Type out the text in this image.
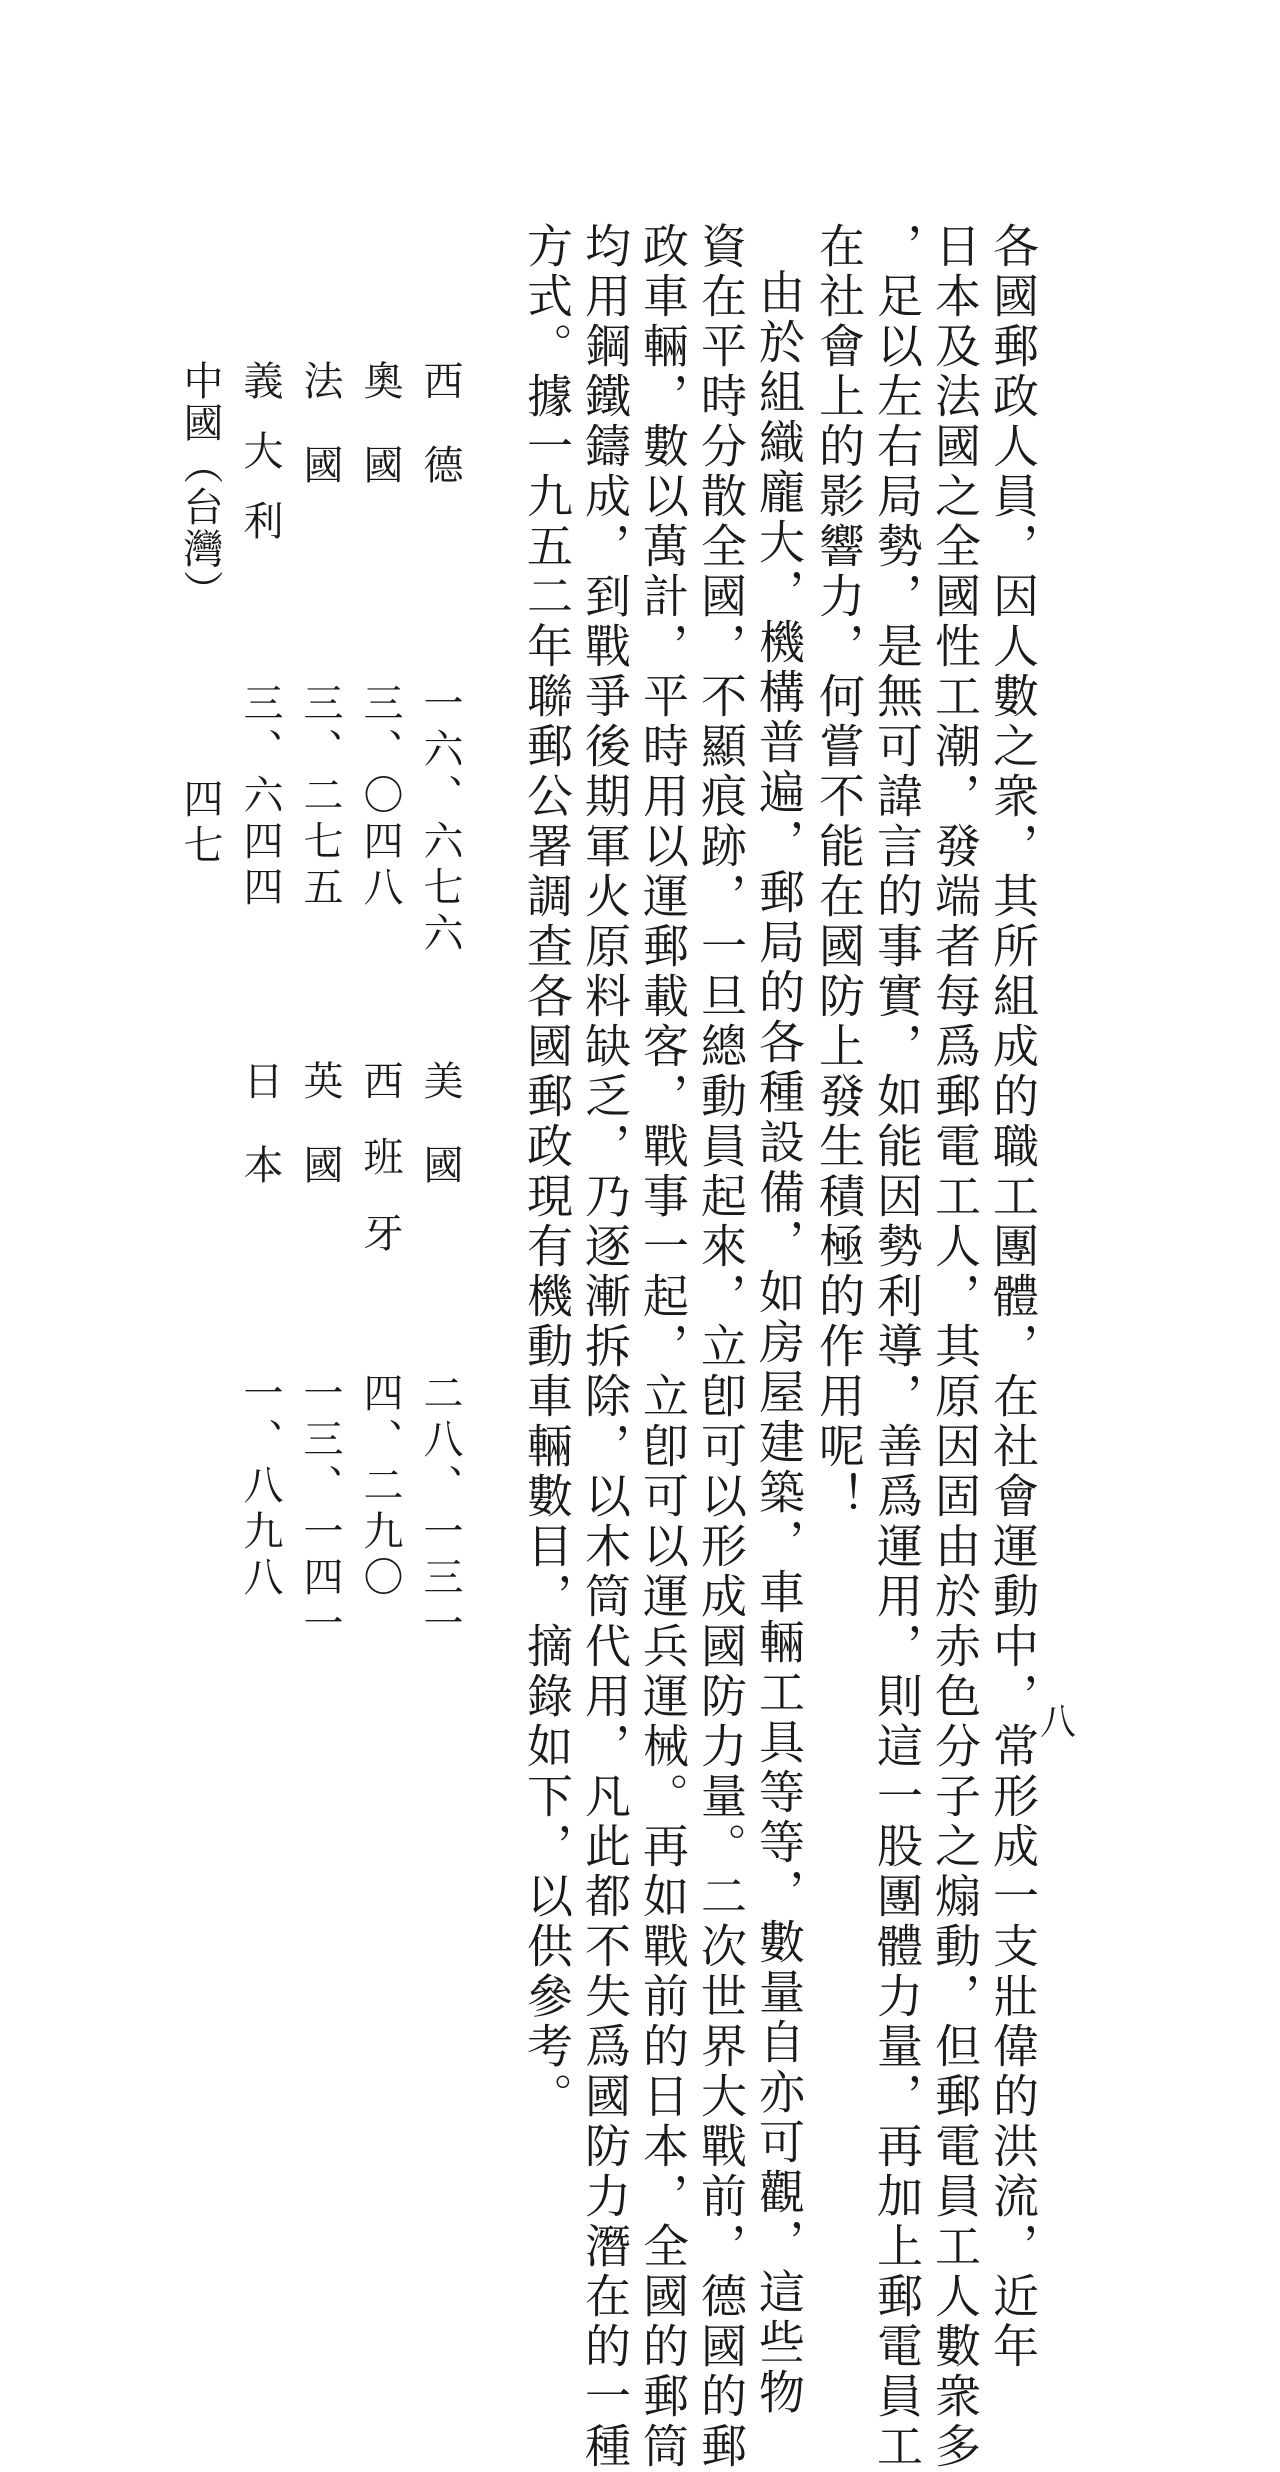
八
各國郵政人員，因人數之衆，其所組成的職工團體，在社會運動中，常形成一支壯偉的洪流，近年
日本及法國之全國性工潮，發端者每爲郵電工人，其原因固由於赤色分子之煽動，但郵電員工人數衆多
，足以左右局勢，是無可諱言的事實，如能因勢利導，善爲運用，則這一股團體力量，再加上郵電員工
在社會上的影響力，何嘗不能在國防上發生積極的作用呢！
由於組織龐大，機構普遍，郵局的各種設備，如房屋建築，車輛工具等等，數量自亦可觀，這些物
資在平時分散全國，不顯痕跡，一旦總動員起來，立卽可以形成國防力量。二次世界大戰前，德國的郵
政車輛，數以萬計，平時用以運郵載客，戰事一起，立卽可以運兵運械。再如戰前的日本，全國的郵筒
均用鋼鐵鑄成，到戰爭後期軍火原料缺乏，乃逐漸拆除，以木筒代用，凡此都不失爲國防力潛在的一種
方式。據一九五二年聯郵公署調查各國郵政現有機動車輛數目，摘錄如下，以供參考。
西德
一六、六七六
美國
二八、一三一
奧國
三、〇四八
西班牙
四、二九〇
法國
三、二七五
英國
一三、一四一
義大利
三、六四四
日本
一、八九八
中國（台灣）
四七
